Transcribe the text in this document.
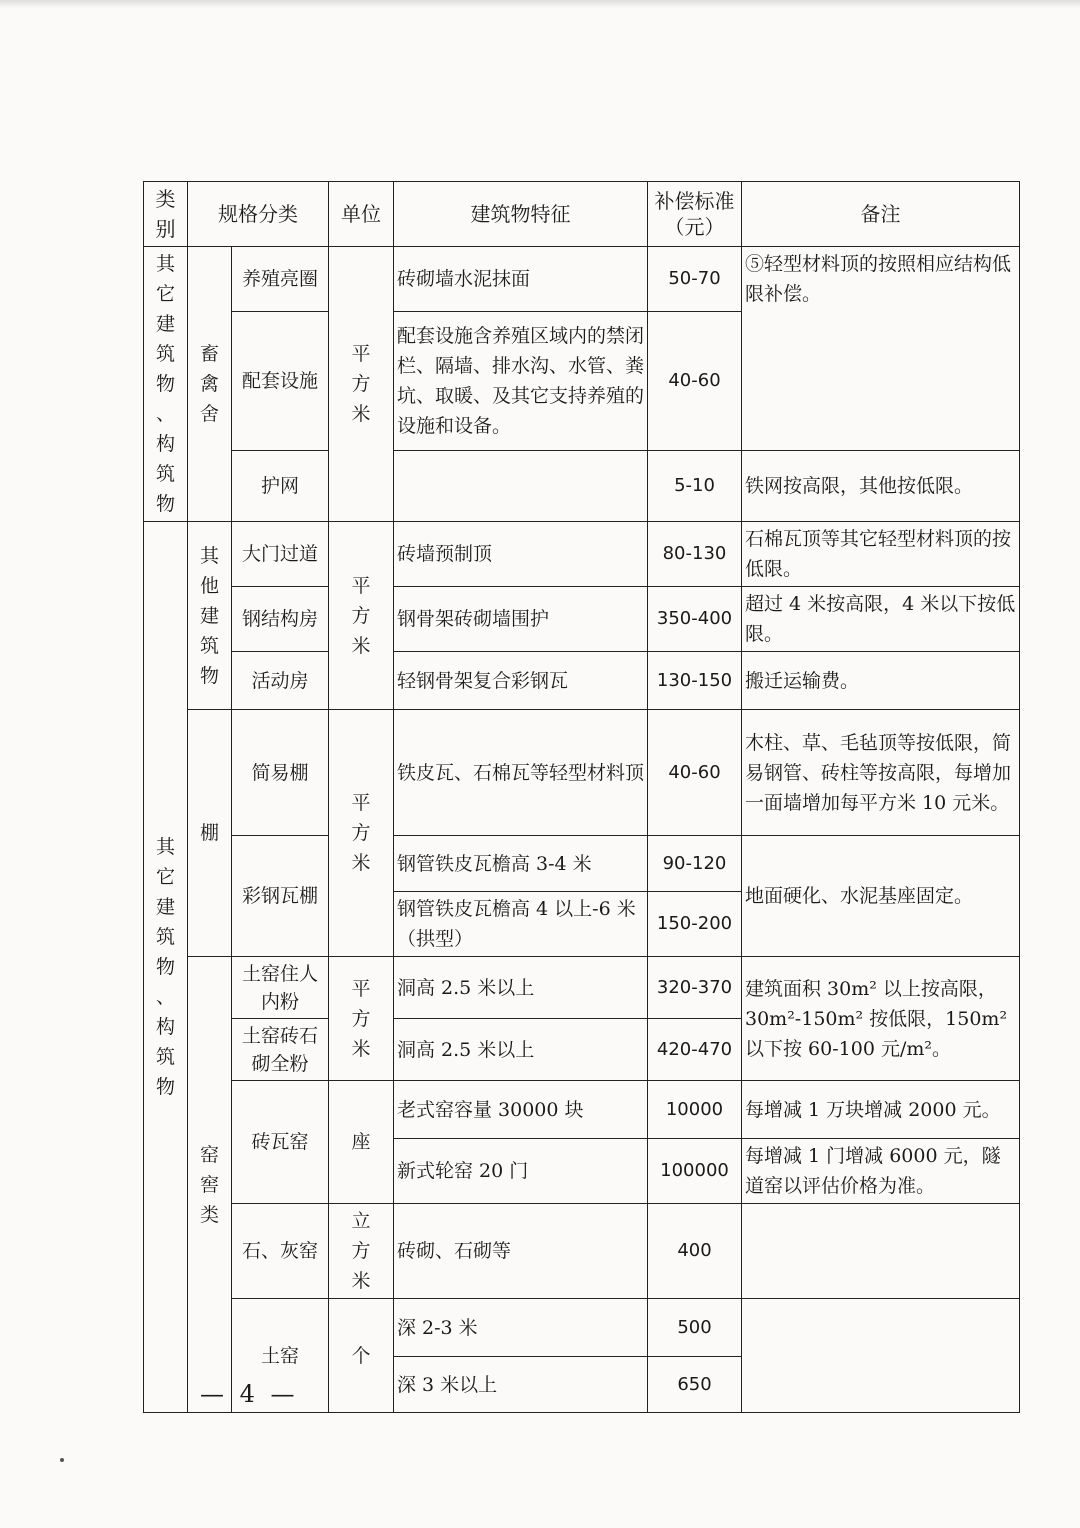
类别	规格分类		单位	建筑物特征	补偿标准（元）	备注
其它建筑物、构筑物	畜禽舍	养殖亮圈	平方米	砖砌墙水泥抹面	50-70	⑤轻型材料顶的按照相应结构低限补偿。
		配套设施		配套设施含养殖区域内的禁闭栏、隔墙、排水沟、水管、粪坑、取暖、及其它支持养殖的设施和设备。	40-60	
		护网			5-10	铁网按高限，其他按低限。
其它建筑物、构筑物	其他建筑物	大门过道	平方米	砖墙预制顶	80-130	石棉瓦顶等其它轻型材料顶的按低限。
		钢结构房		钢骨架砖砌墙围护	350-400	超过 4 米按高限，4 米以下按低限。
		活动房		轻钢骨架复合彩钢瓦	130-150	搬迁运输费。
	棚	简易棚	平方米	铁皮瓦、石棉瓦等轻型材料顶	40-60	木柱、草、毛毡顶等按低限，简易钢管、砖柱等按高限，每增加一面墙增加每平方米 10 元米。
		彩钢瓦棚		钢管铁皮瓦檐高 3-4 米	90-120	地面硬化、水泥基座固定。
				钢管铁皮瓦檐高 4 以上-6 米（拱型）	150-200	
	窑窖类	土窑住人内粉	平方米	洞高 2.5 米以上	320-370	建筑面积 30m² 以上按高限，30m²-150m² 按低限，150m² 以下按 60-100 元/m²。
		土窑砖石砌全粉		洞高 2.5 米以上	420-470	
		砖瓦窑	座	老式窑容量 30000 块	10000	每增减 1 万块增减 2000 元。
				新式轮窑 20 门	100000	每增减 1 门增减 6000 元，隧道窑以评估价格为准。
		石、灰窑	立方米	砖砌、石砌等	400	
		土窑	个	深 2-3 米	500	
				深 3 米以上	650	
— 4 —
